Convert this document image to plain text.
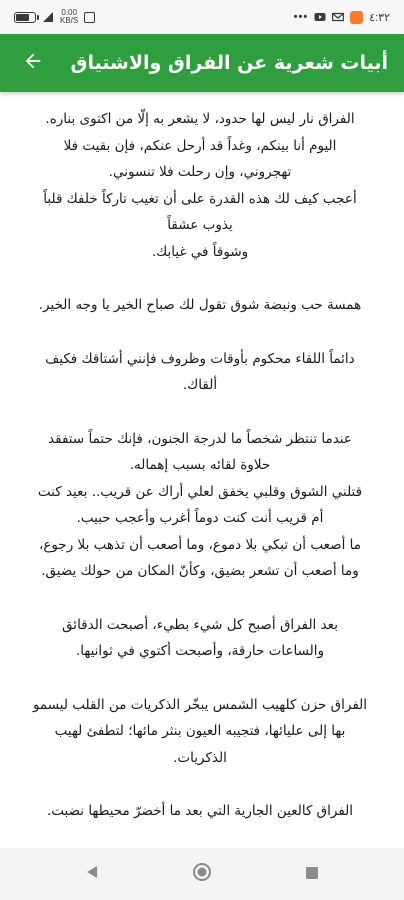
0.00
KB/S	•••	٤:٣٢
أبيات شعرية عن الفراق والاشتياق
الفراق نار ليس لها حدود، لا يشعر به إلّا من اكتوى بناره.
اليوم أنا بينكم، وغداً قد أرحل عنكم، فإن بقيت فلا
تهجروني، وإن رحلت فلا تنسوني.
أعجب كيف لك هذه القدرة على أن تغيب تاركاً خلفك قلباً
يذوب عشقاً
وشوقاً في غيابك.
همسة حب ونبضة شوق تقول لك صباح الخير يا وجه الخير.
دائماً اللقاء محكوم بأوقات وظروف فإنني أشتاقك فكيف
ألقاك.
عندما تنتظر شخصاً ما لدرجة الجنون، فإنك حتماً ستفقد
حلاوة لقائه بسبب إهماله.
قتلني الشوق وقلبي يخفق لعلي أراك عن قريب.. بعيد كنت
أم قريب أنت كنت دوماً أغرب وأعجب حبيب.
ما أصعب أن تبكي بلا دموع، وما أصعب أن تذهب بلا رجوع،
وما أصعب أن تشعر بضيق، وكأنّ المكان من حولك يضيق.
بعد الفراق أصبح كل شيء بطيء، أصبحت الدقائق
والساعات حارقة، وأصبحت أكتوي في ثوانيها.
الفراق حزن كلهيب الشمس يبخّر الذكريات من القلب ليسمو
بها إلى عليائها، فتجيبه العيون بنثر مائها؛ لتطفئ لهيب
الذكريات.
الفراق كالعين الجارية التي بعد ما أخضرّ محيطها نضبت.
